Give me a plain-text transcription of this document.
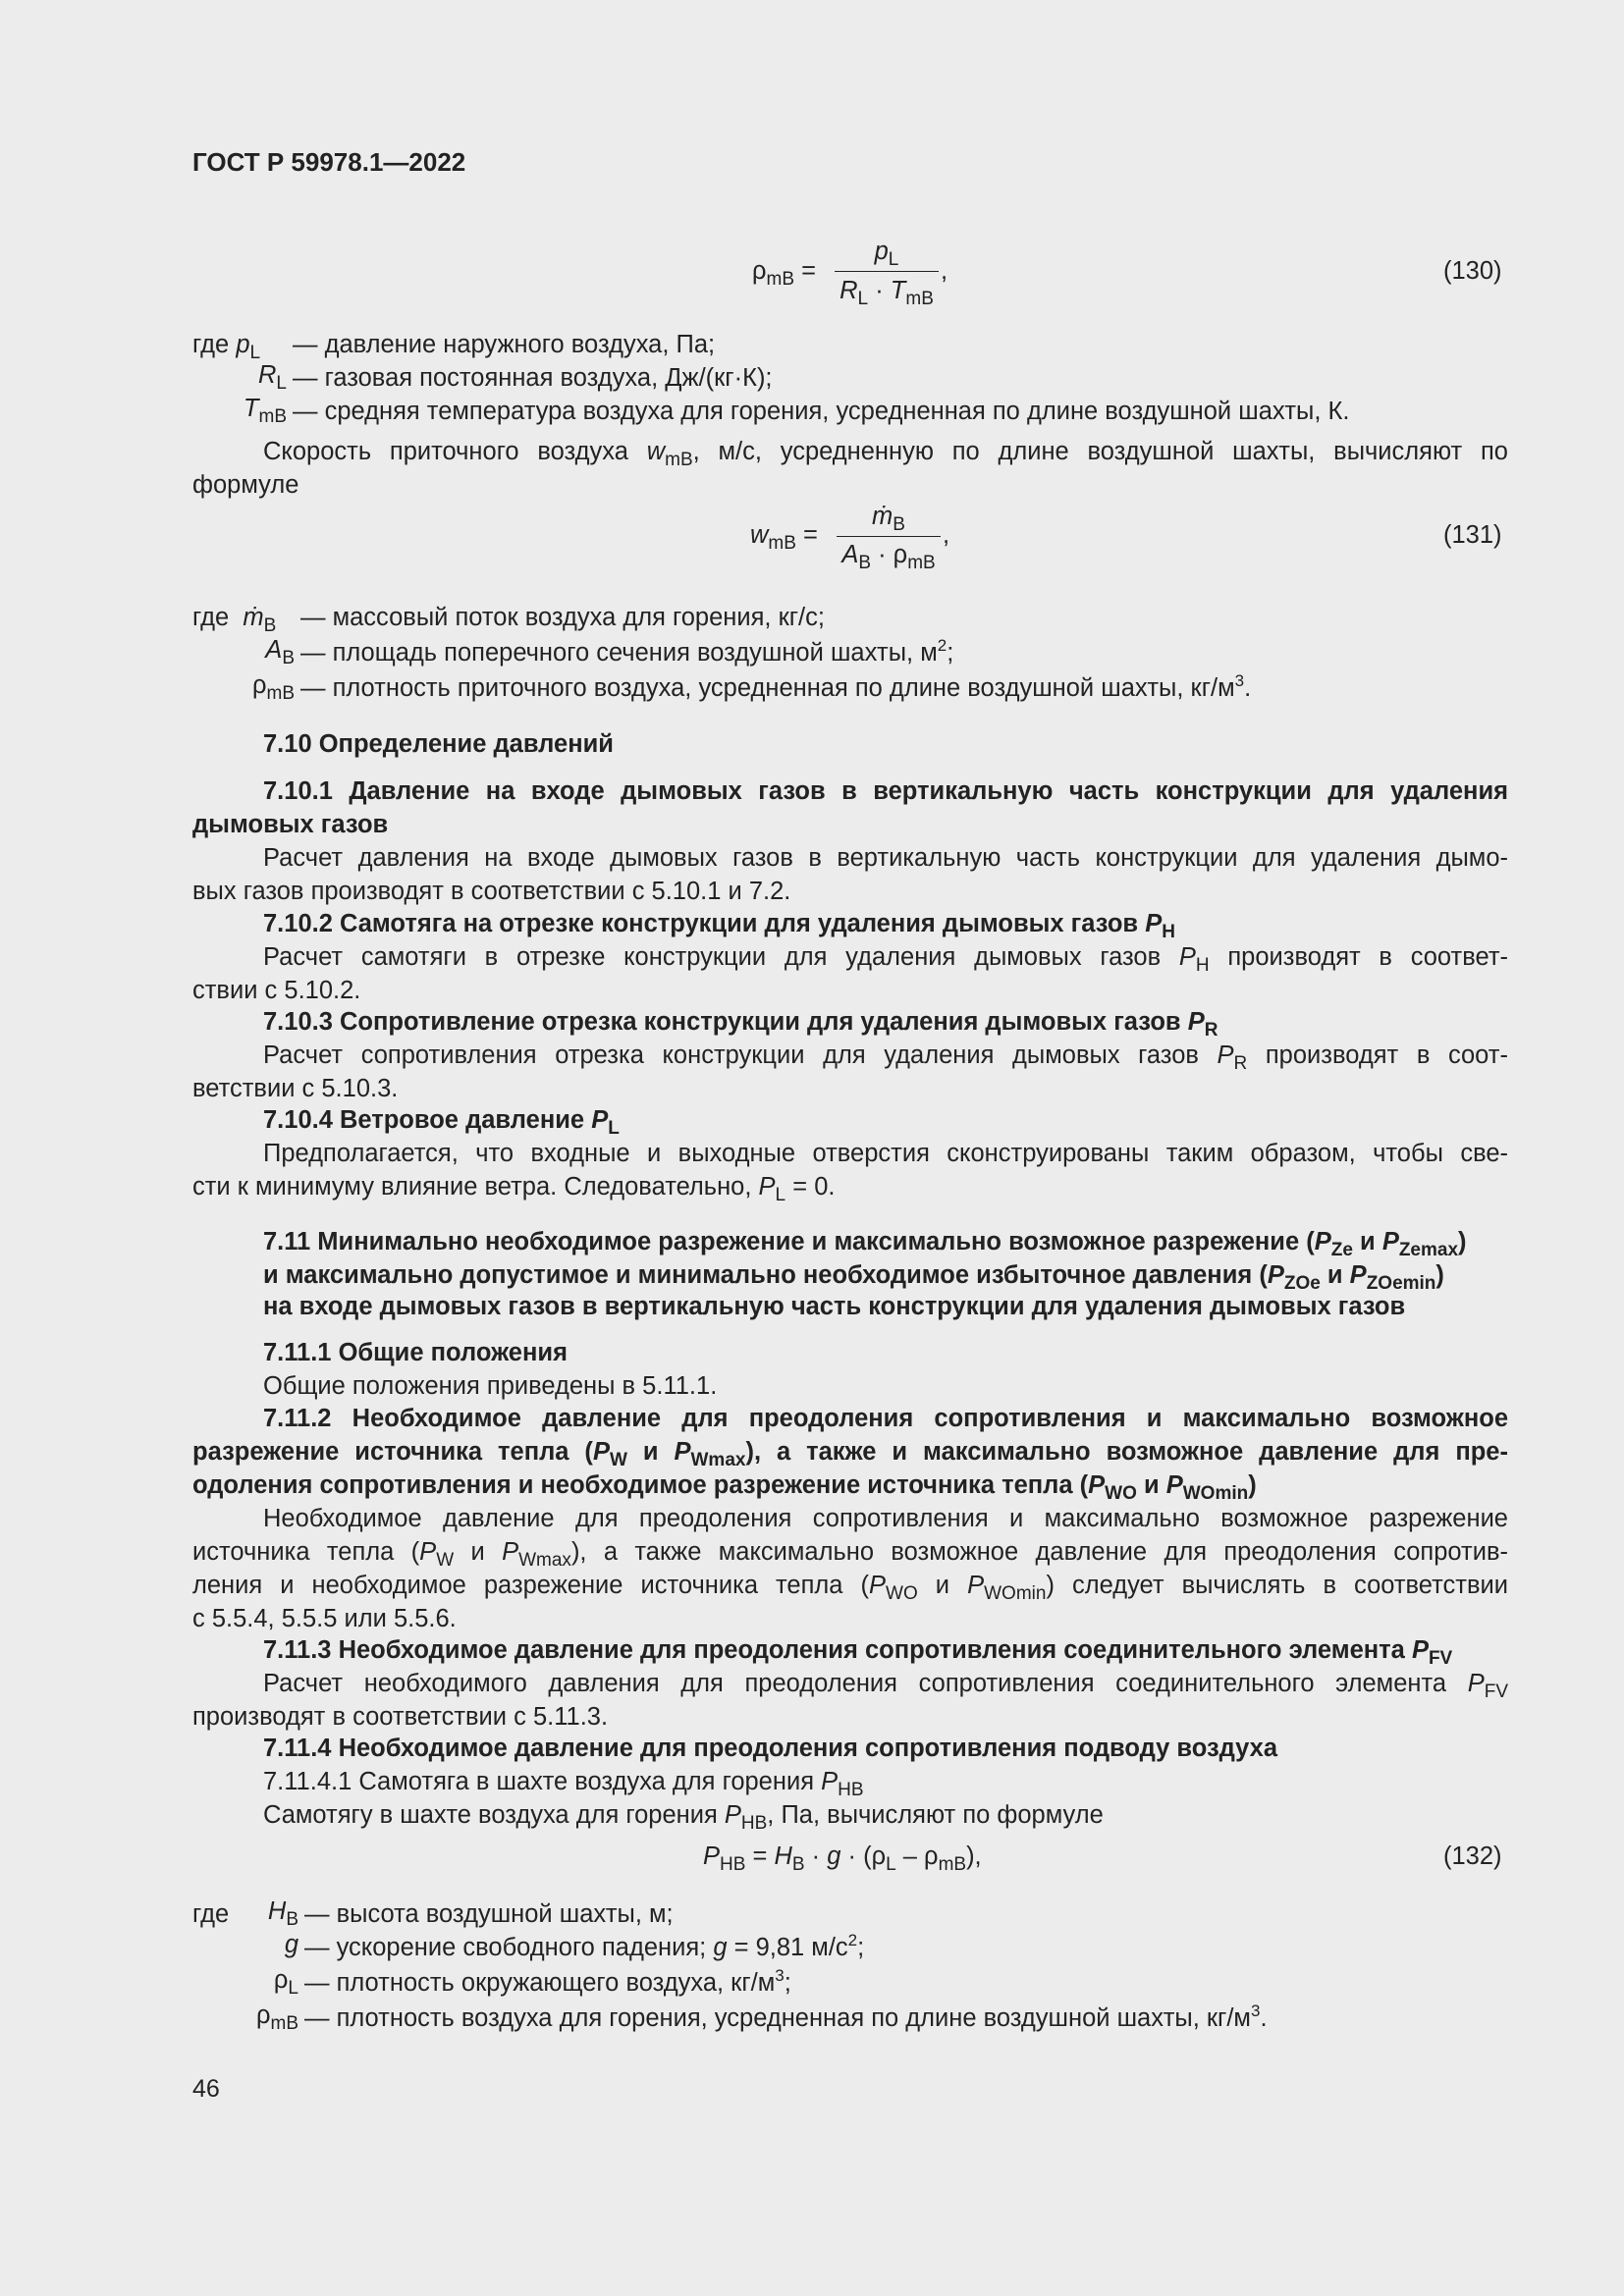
ГОСТ Р 59978.1—2022
$\rho_{mB}$ =
$p_L$
$R_L \cdot T_{mB}$
,	(130)
где $p_L$	— давление наружного воздуха, Па;
$R_L$ — газовая постоянная воздуха, Дж/(кг·К);
$T_{mB}$ — средняя температура воздуха для горения, усредненная по длине воздушной шахты, К.
Скорость приточного воздуха $w_{mB}$, м/с, усредненную по длине воздушной шахты, вычисляют по
формуле
$w_{mB}$ =
ṁ$_B$
$A_B \cdot \rho_{mB}$
,	(131)
где ṁ$_B$ — массовый поток воздуха для горения, кг/с;
$A_B$ — площадь поперечного сечения воздушной шахты, $м^2$;
$\rho_{mB}$ — плотность приточного воздуха, усредненная по длине воздушной шахты, $кг/м^3$.
7.10 Определение давлений
7.10.1 Давление на входе дымовых газов в вертикальную часть конструкции для удаления
дымовых газов
Расчет давления на входе дымовых газов в вертикальную часть конструкции для удаления дымо-
вых газов производят в соответствии с 5.10.1 и 7.2.
7.10.2 Самотяга на отрезке конструкции для удаления дымовых газов $P_H$
Расчет самотяги в отрезке конструкции для удаления дымовых газов $P_H$ производят в соответ-
ствии с 5.10.2.
7.10.3 Сопротивление отрезка конструкции для удаления дымовых газов $P_R$
Расчет сопротивления отрезка конструкции для удаления дымовых газов $P_R$ производят в соот-
ветствии с 5.10.3.
7.10.4 Ветровое давление $P_L$
Предполагается, что входные и выходные отверстия сконструированы таким образом, чтобы све-
сти к минимуму влияние ветра. Следовательно, $P_L = 0$.
7.11 Минимально необходимое разрежение и максимально возможное разрежение ($P_{Ze}$ и $P_{Zemax}$)
и максимально допустимое и минимально необходимое избыточное давления ($P_{ZOe}$ и $P_{ZOemin}$)
на входе дымовых газов в вертикальную часть конструкции для удаления дымовых газов
7.11.1 Общие положения
Общие положения приведены в 5.11.1.
7.11.2 Необходимое давление для преодоления сопротивления и максимально возможное
разрежение источника тепла ($P_W$ и $P_{Wmax}$), а также и максимально возможное давление для пре-
одоления сопротивления и необходимое разрежение источника тепла ($P_{WO}$ и $P_{WOmin}$)
Необходимое давление для преодоления сопротивления и максимально возможное разрежение
источника тепла ($P_W$ и $P_{Wmax}$), а также максимально возможное давление для преодоления сопротив-
ления и необходимое разрежение источника тепла ($P_{WO}$ и $P_{WOmin}$) следует вычислять в соответствии
с 5.5.4, 5.5.5 или 5.5.6.
7.11.3 Необходимое давление для преодоления сопротивления соединительного элемента $P_{FV}$
Расчет необходимого давления для преодоления сопротивления соединительного элемента $P_{FV}$
производят в соответствии с 5.11.3.
7.11.4 Необходимое давление для преодоления сопротивления подводу воздуха
7.11.4.1 Самотяга в шахте воздуха для горения $P_{HB}$
Самотягу в шахте воздуха для горения $P_{HB}$, Па, вычисляют по формуле
$P_{HB} = H_B \cdot g \cdot (\rho_L - \rho_{mB})$,	(132)
где	$H_B$ — высота воздушной шахты, м;
g — ускорение свободного падения; g = 9,81 $м/с^2$;
$\rho_L$ — плотность окружающего воздуха, $кг/м^3$;
$\rho_{mB}$ — плотность воздуха для горения, усредненная по длине воздушной шахты, $кг/м^3$.
46
